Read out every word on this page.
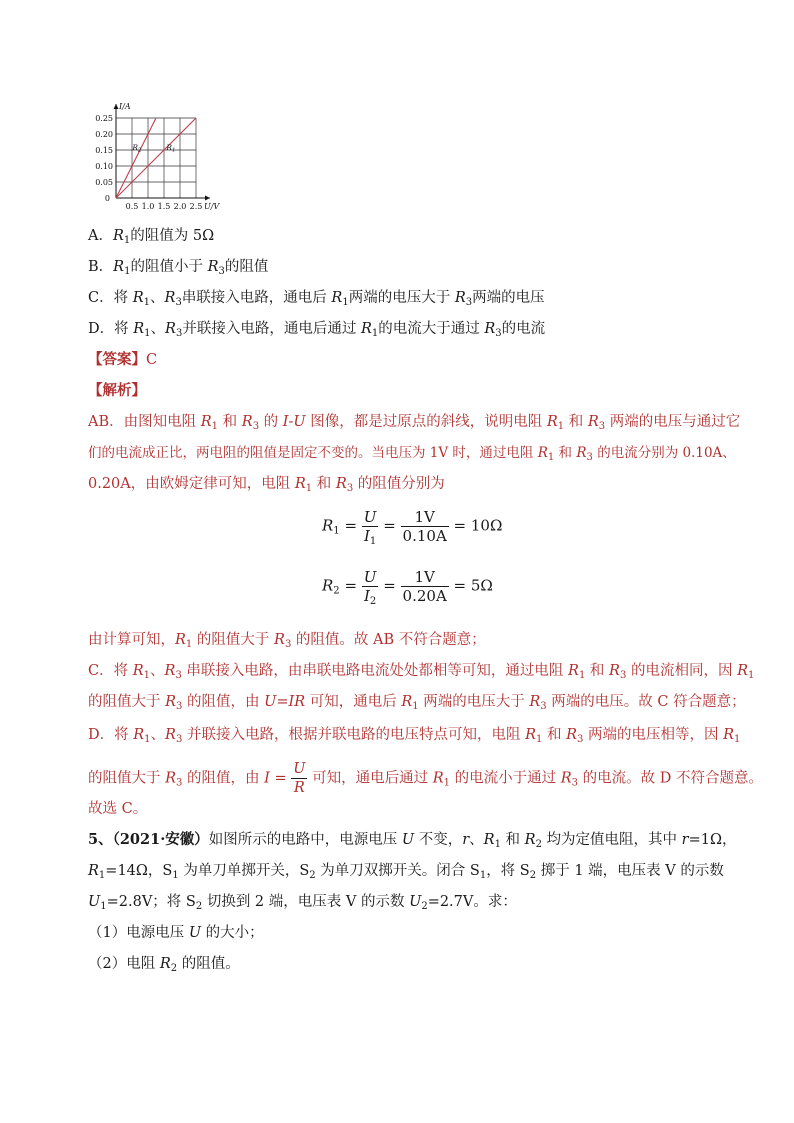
0.5 1.0 1.5 2.0 2.5
0.25
0.20
0.15
0.10
0.05
0
U/V
I/A
$R_2$	$R_1$
A．$R_1$的阻值为 5Ω
B．$R_1$的阻值小于 $R_3$的阻值
C．将 $R_1$、$R_3$串联接入电路，通电后 $R_1$两端的电压大于 $R_3$两端的电压
D．将 $R_1$、$R_3$并联接入电路，通电后通过 $R_1$的电流大于通过 $R_3$的电流
【答案】C
【解析】
AB．由图知电阻 $R_1$ 和 $R_3$ 的 I-U 图像，都是过原点的斜线，说明电阻 $R_1$ 和 $R_3$ 两端的电压与通过它
们的电流成正比，两电阻的阻值是固定不变的。当电压为 1V 时，通过电阻 $R_1$ 和 $R_3$ 的电流分别为 0.10A、
0.20A，由欧姆定律可知，电阻 $R_1$ 和 $R_3$ 的阻值分别为
$R_1 = \frac{U}{I_1} = \frac{1V}{0.10A} = 10\Omega$
$R_2 = \frac{U}{I_2} = \frac{1V}{0.20A} = 5\Omega$
由计算可知，$R_1$ 的阻值大于 $R_3$ 的阻值。故 AB 不符合题意；
C．将 $R_1$、$R_3$ 串联接入电路，由串联电路电流处处都相等可知，通过电阻 $R_1$ 和 $R_3$ 的电流相同，因 $R_1$
的阻值大于 $R_3$ 的阻值，由 U=IR 可知，通电后 $R_1$ 两端的电压大于 $R_3$ 两端的电压。故 C 符合题意；
D．将 $R_1$、$R_3$ 并联接入电路，根据并联电路的电压特点可知，电阻 $R_1$ 和 $R_3$ 两端的电压相等，因 $R_1$
的阻值大于 $R_3$ 的阻值，由 $I = \frac{U}{R}$ 可知，通电后通过 $R_1$ 的电流小于通过 $R_3$ 的电流。故 D 不符合题意。
故选 C。
5、（2021·安徽）如图所示的电路中，电源电压 U 不变，r、$R_1$ 和 $R_2$ 均为定值电阻，其中 r=1Ω，
$R_1=14\Omega$，$S_1$ 为单刀单掷开关，$S_2$ 为单刀双掷开关。闭合 $S_1$，将 $S_2$ 掷于 1 端，电压表 V 的示数
$U_1=2.8V$；将 $S_2$ 切换到 2 端，电压表 V 的示数 $U_2=2.7V$。求：
（1）电源电压 U 的大小；
（2）电阻 $R_2$ 的阻值。
